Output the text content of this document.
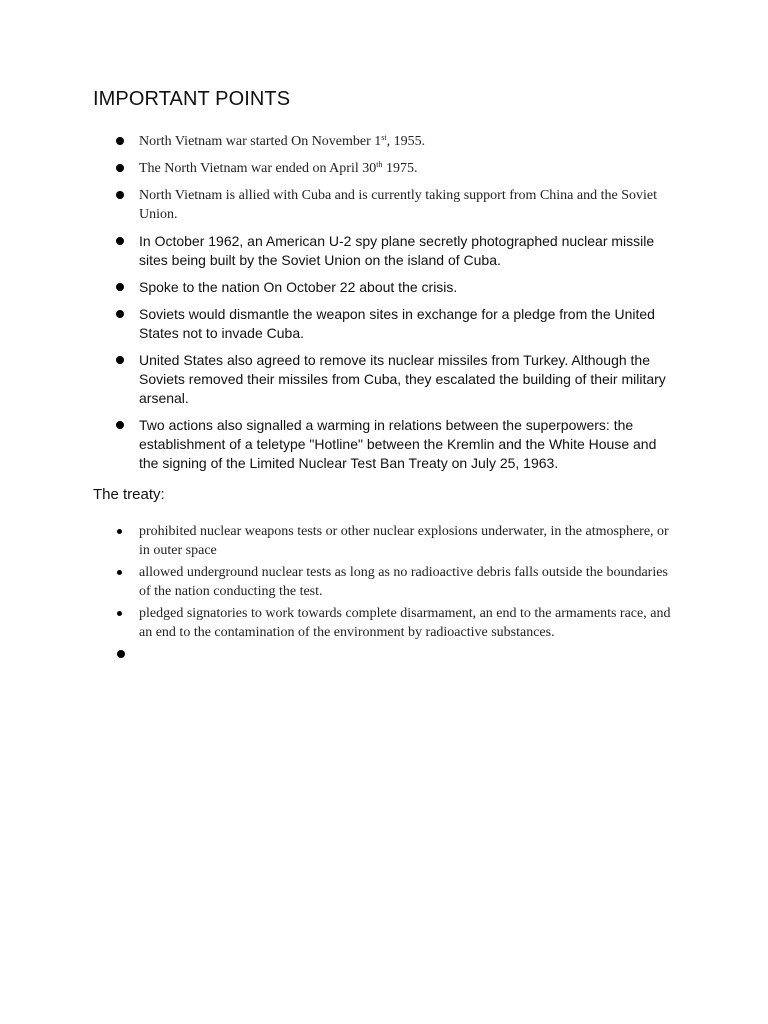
IMPORTANT POINTS
North Vietnam war started On November 1st, 1955.
The North Vietnam war ended on April 30th 1975.
North Vietnam is allied with Cuba and is currently taking support from China and the Soviet Union.
In October 1962, an American U-2 spy plane secretly photographed nuclear missile sites being built by the Soviet Union on the island of Cuba.
Spoke to the nation On October 22 about the crisis.
Soviets would dismantle the weapon sites in exchange for a pledge from the United States not to invade Cuba.
United States also agreed to remove its nuclear missiles from Turkey. Although the Soviets removed their missiles from Cuba, they escalated the building of their military arsenal.
Two actions also signalled a warming in relations between the superpowers: the establishment of a teletype "Hotline" between the Kremlin and the White House and the signing of the Limited Nuclear Test Ban Treaty on July 25, 1963.
The treaty:
prohibited nuclear weapons tests or other nuclear explosions underwater, in the atmosphere, or in outer space
allowed underground nuclear tests as long as no radioactive debris falls outside the boundaries of the nation conducting the test.
pledged signatories to work towards complete disarmament, an end to the armaments race, and an end to the contamination of the environment by radioactive substances.
